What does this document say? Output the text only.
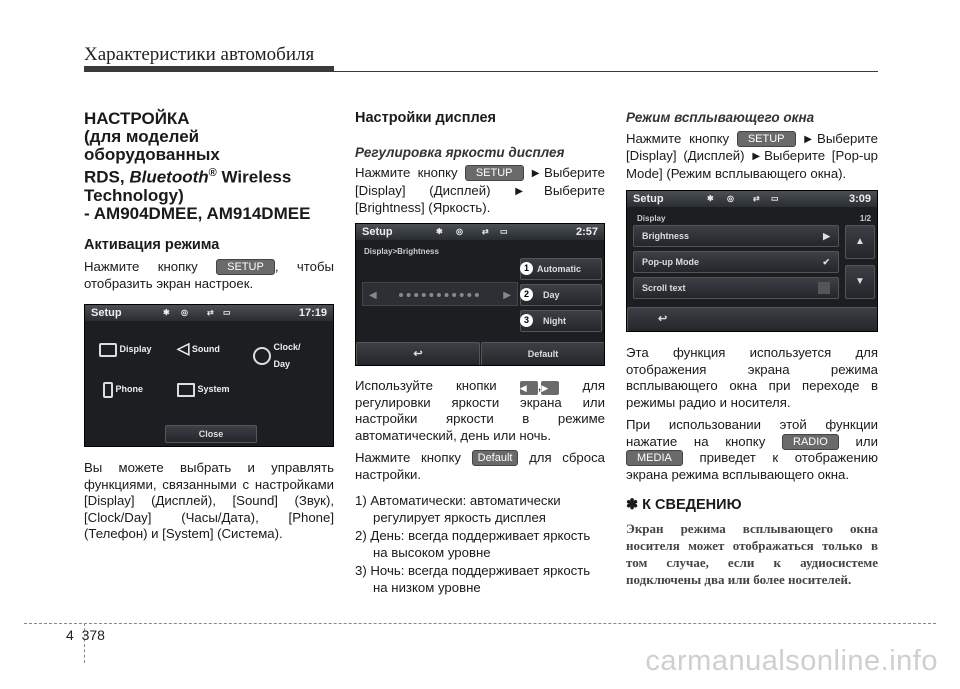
Характеристики автомобиля
НАСТРОЙКА
(для моделей оборудованных
RDS, Bluetooth® Wireless
Technology)
- AM904DMEE, AM914DMEE
Активация режима

Нажмите кнопку	SETUP , чтобы отобразить экран настроек.

Setup	✱ ◎ ⇄ ▭	17:19
Display ◁ Sound	Clock/ Day
Phone	System
Close

Вы можете выбрать и управлять функциями, связанными с настройками [Display] (Дисплей), [Sound] (Звук), [Clock/Day] (Часы/Дата), [Phone] (Телефон) и [System] (Система).

Настройки дисплея
Регулировка яркости дисплея

Нажмите кнопку SETUP ▶Выберите [Display] (Дисплей) ▶Выберите [Brightness] (Яркость).

Setup	✱ ◎ ⇄ ▭	2:57
Display>Brightness
◀	▶
Automatic
Day
Night
1
2
3
↩	Default

Используйте кнопки	◀ ,▶	для регулировки яркости экрана или настройки яркости в режиме автоматический, день или ночь.

Нажмите кнопку Default для сброса настройки.

1) Автоматически: автоматически регулирует яркость дисплея
2) День: всегда поддерживает яркость на высоком уровне
3) Ночь: всегда поддерживает яркость на низком уровне
Режим всплывающего окна

Нажмите кнопку SETUP ▶Выберите [Display] (Дисплей) ▶Выберите [Pop-up Mode] (Режим всплывающего окна).

Setup	✱ ◎ ⇄ ▭	3:09
Display	1/2
Brightness	▶
Pop-up Mode	✔
Scroll text
▲
▼
↩

Эта функция используется для отображения экрана режима всплывающего окна при переходе в режимы радио и носителя.

При использовании этой функции нажатие на кнопку	RADIO или MEDIA приведет к отображению экрана режима всплывающего окна.

✽ К СВЕДЕНИЮ
Экран режима всплывающего окна носителя может отображаться только в том случае, если к аудиосистеме подключены два или более носителей.
4 378
carmanualsonline.info
